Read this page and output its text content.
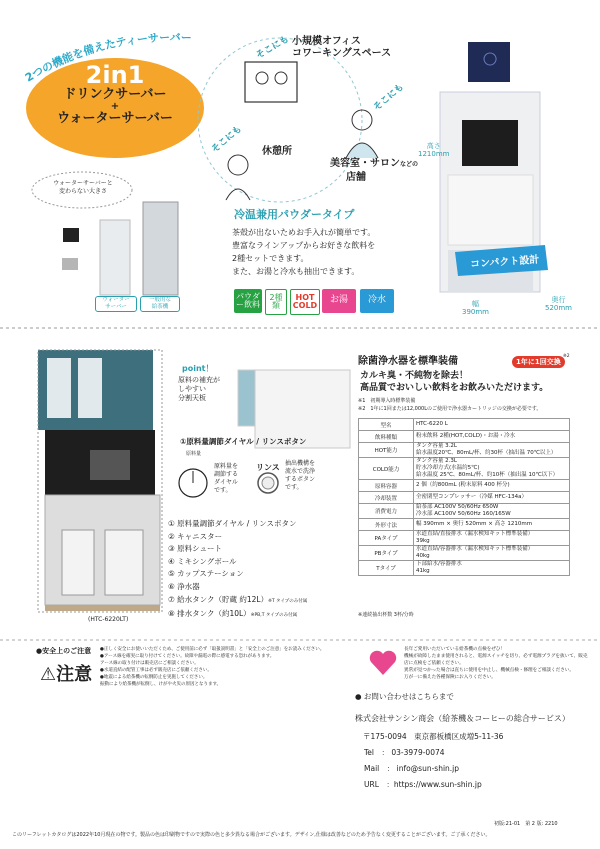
2つの機能を備えたティーサーバー
2in1
ドリンクサーバー
+
ウォーターサーバー
小規模オフィス
コワーキングスペース
休憩所
美容室・サロンなどの
店舗
そこにも
そこにも
そこにも
ウォーターサーバーと
変わらない大きさ
ウォーター
サーバー
一般的な
給茶機
高さ
1210mm
幅
390mm
奥行
520mm
コンパクト設計
冷温兼用パウダータイプ
茶殻が出ないためお手入れが簡単です。
豊富なラインアップからお好きな飲料を
2種セットできます。
また、お湯と冷水も抽出できます。
パウダー飲料
2種類
HOT COLD
お湯	冷水
point！
原料の補充が
しやすい
分割天板
①原料量調節ダイヤル / リンスボタン
原料量
原料量を
調節する
ダイヤル
です。
リンス 抽出機構を
流水で洗浄
するボタン
です。
(HTC-6220LT)
① 原料量調節ダイヤル / リンスボタン
② キャニスター
③ 原料シュート
④ ミキシングボール
⑤ カップステーション
⑥ 浄水器
⑦ 給水タンク（貯蔵 約12L）※T タイプのみ付属
⑧ 排水タンク（約10L）※PB,T タイプのみ付属
除菌浄水器を標準装備	1年に1回交換
※2
カルキ臭・不純物を除去！
高品質でおいしい飲料をお飲みいただけます。
※1　初期導入時標準装備
※2　1年に1回または12,000Lのご使用で浄水器カートリッジの交換が必要です。
型名	HTC-6220 L
飲料種類	粉末飲料 2種(HOT,COLD)・お湯・冷水
HOT能力	タンク容量 3.2L
給水温度20℃、80mL/杯、約30杯（抽出温 70℃以上）
COLD能力	タンク容量 2.3L
貯水冷却方式(水温約5℃)
給水温度 25℃、80mL/杯、約10杯（抽出温 10℃以下）
原料容器	2 個（約800mL (粉末原料 400 杯分)
冷却装置	全密閉型コンプレッサー（冷媒 HFC-134a）
消費電力	給茶部 AC100V 50/60Hz 650W
冷水部 AC100V 50/60Hz 160/165W
外形寸法	幅 390mm × 奥行 520mm × 高さ 1210mm
PAタイプ	水道直結/直接排水（漏水検知キット標準装備）
39kg
PBタイプ	水道直結/容器排水（漏水検知キット標準装備）
40kg
Tタイプ	下部給水/容器排水
41kg
※連続抽出杯数 3杯/分時
●安全上のご注意
⚠注意
●正しく安全にお使いいただくため、ご使用前に必ず「取扱説明書」と「安全上のご注意」をお読みください。
●アース線を確実に取り付けてください。故障や漏電の際に感電する恐れがあります。
アース線の取り付けは販売店にご相談ください。
●水道直結の配管工事は必ず販売店にご依頼ください。
●地震による給茶機の転倒防止を実施してください。
振動により給茶機が転倒し、けがや火災の原因となります。
長年ご愛用いただいている給茶機の点検をぜひ！
機械が故障したまま使用されると、電源スイッチを切り、必ず電源プラグを抜いて、販売店に点検をご依頼ください。
異常が見つかった場合は直ちに使用を中止し、機械点検・修理をご相談ください。
万が一に備えた各種保険にお入りください。
● お問い合わせはこちらまで
株式会社サンシン商会（給茶機＆コーヒーの総合サービス）
〒175-0094　東京都板橋区成増5-11-36
Tel　： 03-3979-0074
Mail　： info@sun-shin.jp
URL　：https://www.sun-shin.jp
初版:21-01　第 2 版: 2210
このリーフレットカタログは2022年10月現在の物です。製品の色は印刷物ですので実際の色と多少異なる場合がございます。デザイン,仕様は改善などのため予告なく変更することがございます。ご了承ください。
